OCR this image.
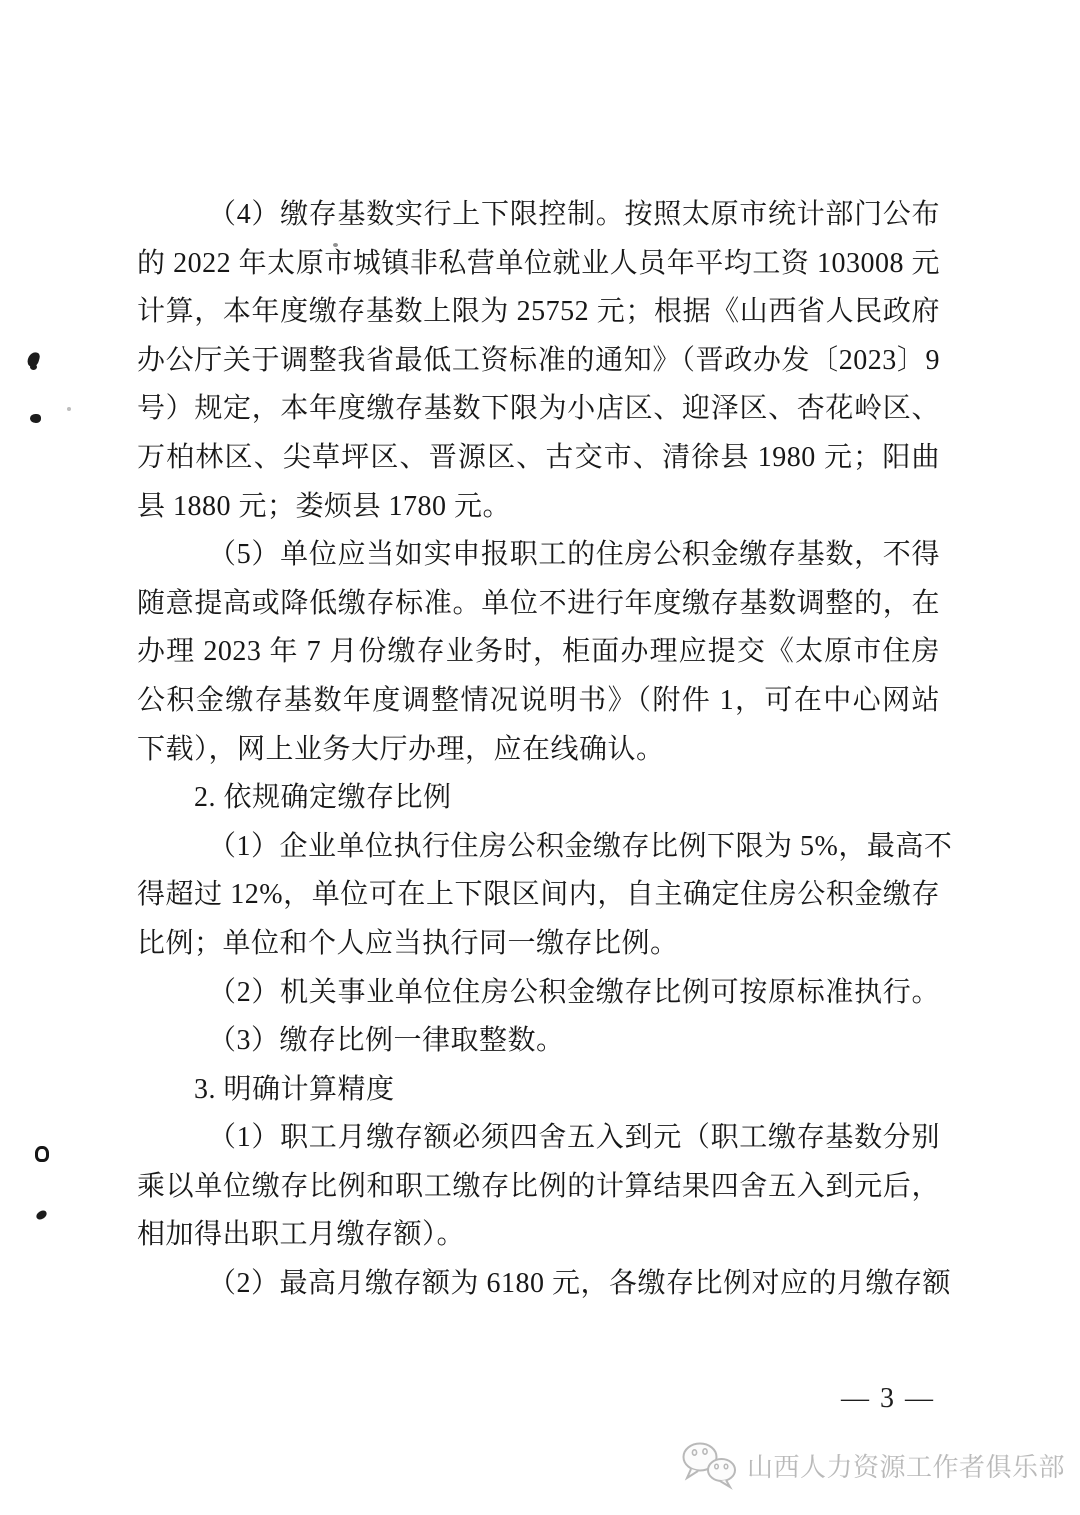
（4）缴存基数实行上下限控制。按照太原市统计部门公布
的 2022 年太原市城镇非私营单位就业人员年平均工资 103008 元
计算，本年度缴存基数上限为 25752 元；根据《山西省人民政府
办公厅关于调整我省最低工资标准的通知》（晋政办发〔2023〕9
号）规定，本年度缴存基数下限为小店区、迎泽区、杏花岭区、
万柏林区、尖草坪区、晋源区、古交市、清徐县 1980 元；阳曲
县 1880 元；娄烦县 1780 元。
（5）单位应当如实申报职工的住房公积金缴存基数，不得
随意提高或降低缴存标准。单位不进行年度缴存基数调整的，在
办理 2023 年 7 月份缴存业务时，柜面办理应提交《太原市住房
公积金缴存基数年度调整情况说明书》（附件 1，可在中心网站
下载），网上业务大厅办理，应在线确认。
2. 依规确定缴存比例
（1）企业单位执行住房公积金缴存比例下限为 5%，最高不
得超过 12%，单位可在上下限区间内，自主确定住房公积金缴存
比例；单位和个人应当执行同一缴存比例。
（2）机关事业单位住房公积金缴存比例可按原标准执行。
（3）缴存比例一律取整数。
3. 明确计算精度
（1）职工月缴存额必须四舍五入到元（职工缴存基数分别
乘以单位缴存比例和职工缴存比例的计算结果四舍五入到元后，
相加得出职工月缴存额）。
（2）最高月缴存额为 6180 元，各缴存比例对应的月缴存额
— 3 —
山西人力资源工作者俱乐部
